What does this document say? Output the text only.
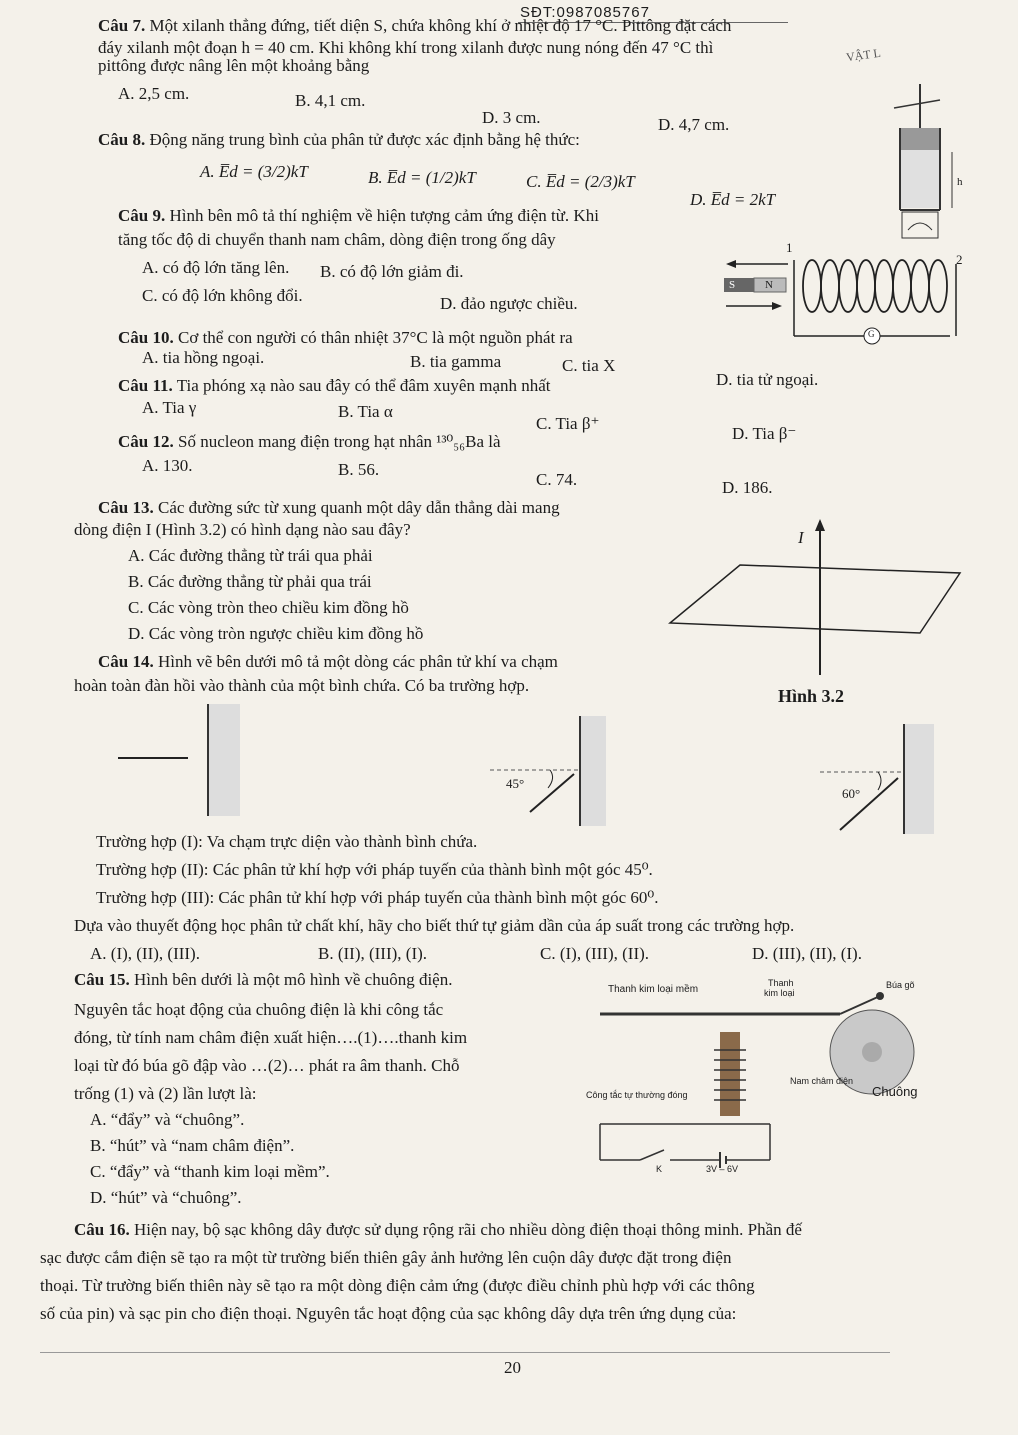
SĐT:0987085767
VẬT L
Câu 7. Một xilanh thẳng đứng, tiết diện S, chứa không khí ở nhiệt độ 17 °C. Pittông đặt cách
đáy xilanh một đoạn h = 40 cm. Khi không khí trong xilanh được nung nóng đến 47 °C thì
pittông được nâng lên một khoảng bằng
A. 2,5 cm.	B. 4,1 cm.
D. 3 cm.	D. 4,7 cm.
h
Câu 8. Động năng trung bình của phân tử được xác định bằng hệ thức:
A. E̅d = (3/2)kT	B. E̅d = (1/2)kT	C. E̅d = (2/3)kT
D. E̅d = 2kT
Câu 9. Hình bên mô tả thí nghiệm về hiện tượng cảm ứng điện từ. Khi
tăng tốc độ di chuyển thanh nam châm, dòng điện trong ống dây
A. có độ lớn tăng lên. B. có độ lớn giảm đi.
C. có độ lớn không đổi.	D. đảo ngược chiều.
1
2
S	N
G
Câu 10. Cơ thể con người có thân nhiệt 37°C là một nguồn phát ra
A. tia hồng ngoại.	B. tia gamma	C. tia X
D. tia tử ngoại.
Câu 11. Tia phóng xạ nào sau đây có thể đâm xuyên mạnh nhất
A. Tia γ	B. Tia α
C. Tia β⁺
D. Tia β⁻
Câu 12. Số nucleon mang điện trong hạt nhân ¹³⁰₅₆Ba là
A. 130.	B. 56.
C. 74.	D. 186.
Câu 13. Các đường sức từ xung quanh một dây dẫn thẳng dài mang
dòng điện I (Hình 3.2) có hình dạng nào sau đây?
A. Các đường thẳng từ trái qua phải
B. Các đường thẳng từ phải qua trái
C. Các vòng tròn theo chiều kim đồng hồ
D. Các vòng tròn ngược chiều kim đồng hồ
I
Câu 14. Hình vẽ bên dưới mô tả một dòng các phân tử khí va chạm
hoàn toàn đàn hồi vào thành của một bình chứa. Có ba trường hợp.
Hình 3.2
45°
60°
Trường hợp (I): Va chạm trực diện vào thành bình chứa.
Trường hợp (II): Các phân tử khí hợp với pháp tuyến của thành bình một góc 45⁰.
Trường hợp (III): Các phân tử khí hợp với pháp tuyến của thành bình một góc 60⁰.
Dựa vào thuyết động học phân tử chất khí, hãy cho biết thứ tự giảm dần của áp suất trong các trường hợp.
A. (I), (II), (III).	B. (II), (III), (I).	C. (I), (III), (II).	D. (III), (II), (I).
Câu 15. Hình bên dưới là một mô hình về chuông điện.
Nguyên tắc hoạt động của chuông điện là khi công tắc
đóng, từ tính nam châm điện xuất hiện….(1)….thanh kim
loại từ đó búa gõ đập vào …(2)… phát ra âm thanh. Chỗ
trống (1) và (2) lần lượt là:
A. “đẩy” và “chuông”.
B. “hút” và “nam châm điện”.
C. “đẩy” và “thanh kim loại mềm”.
D. “hút” và “chuông”.
Thanh kim loại mềm
Thanh
kim loại
Búa gõ
Công tắc tự thường đóng
Nam châm điện
Chuông
K	3V – 6V
Câu 16. Hiện nay, bộ sạc không dây được sử dụng rộng rãi cho nhiều dòng điện thoại thông minh. Phần đế
sạc được cắm điện sẽ tạo ra một từ trường biến thiên gây ảnh hưởng lên cuộn dây được đặt trong điện
thoại. Từ trường biến thiên này sẽ tạo ra một dòng điện cảm ứng (được điều chỉnh phù hợp với các thông
số của pin) và sạc pin cho điện thoại. Nguyên tắc hoạt động của sạc không dây dựa trên ứng dụng của:
20
